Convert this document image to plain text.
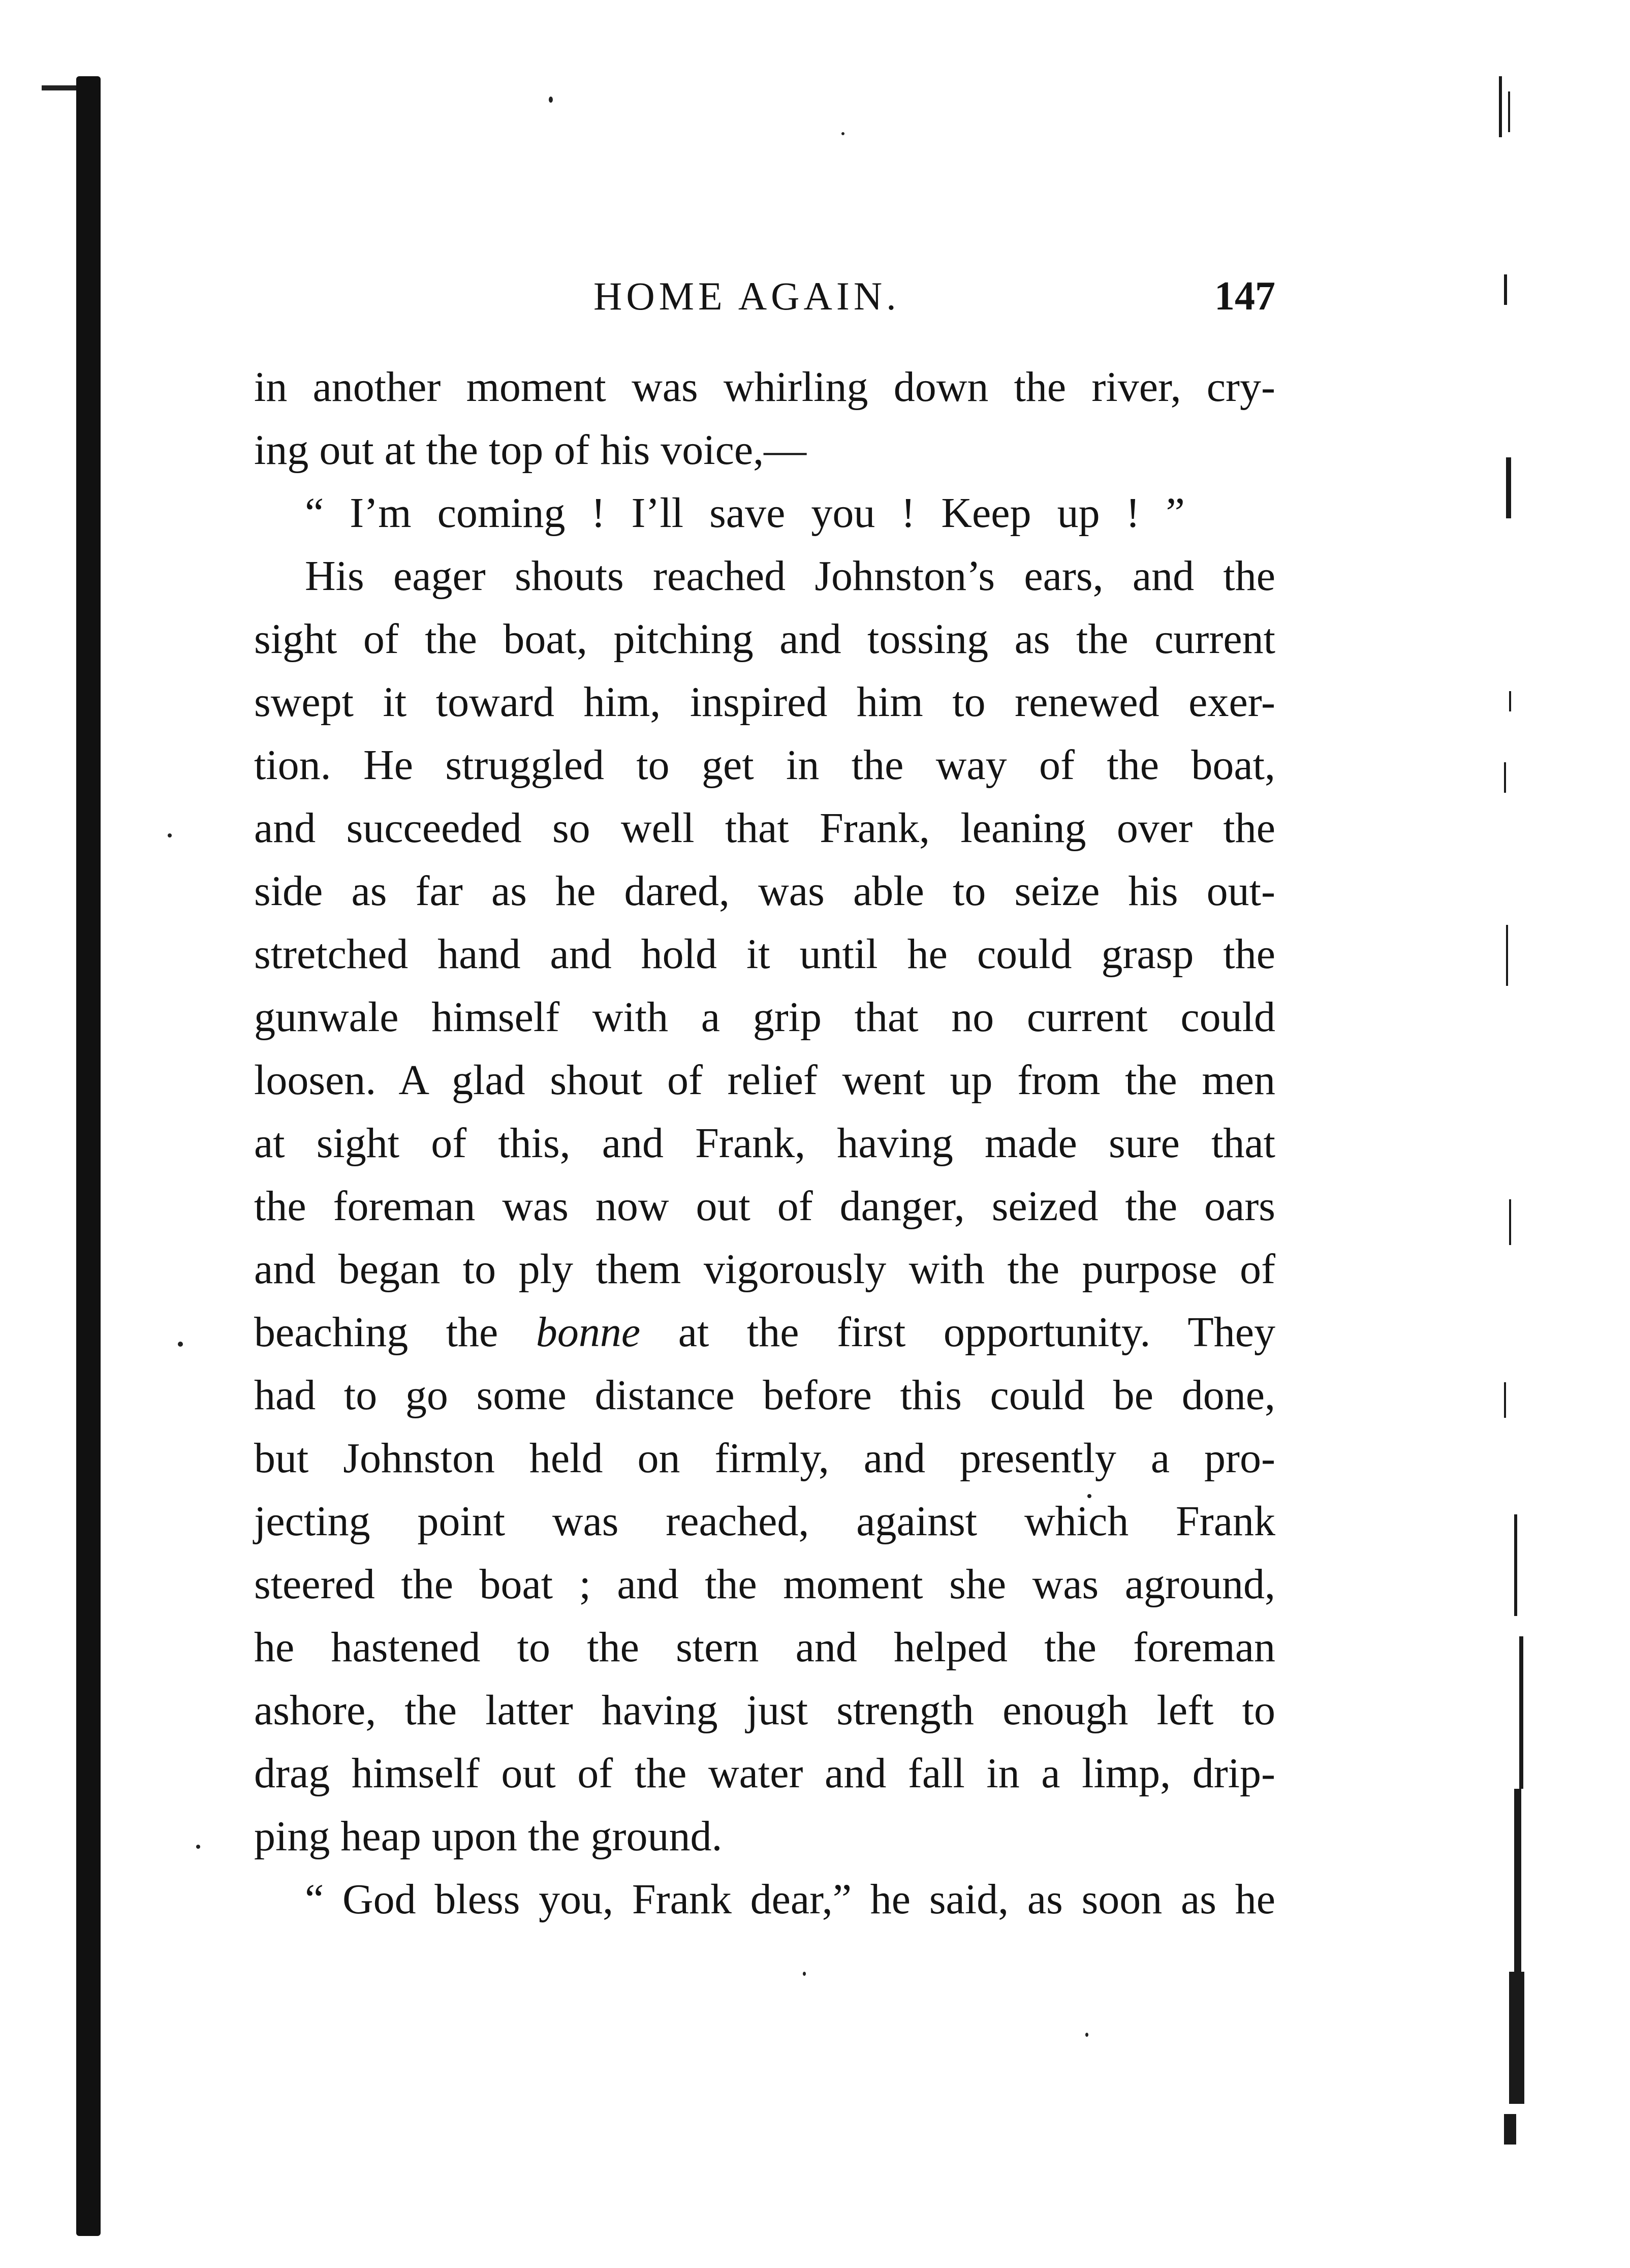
HOME AGAIN.	147
in another moment was whirling down the river, cry-
ing out at the top of his voice,—
“ I’m coming ! I’ll save you ! Keep up ! ”
His eager shouts reached Johnston’s ears, and the
sight of the boat, pitching and tossing as the current
swept it toward him, inspired him to renewed exer-
tion. He struggled to get in the way of the boat,
and succeeded so well that Frank, leaning over the
side as far as he dared, was able to seize his out-
stretched hand and hold it until he could grasp the
gunwale himself with a grip that no current could
loosen. A glad shout of relief went up from the men
at sight of this, and Frank, having made sure that
the foreman was now out of danger, seized the oars
and began to ply them vigorously with the purpose of
beaching the bonne at the first opportunity. They
had to go some distance before this could be done,
but Johnston held on firmly, and presently a pro-
jecting point was reached, against which Frank
steered the boat ; and the moment she was aground,
he hastened to the stern and helped the foreman
ashore, the latter having just strength enough left to
drag himself out of the water and fall in a limp, drip-
ping heap upon the ground.
“ God bless you, Frank dear,” he said, as soon as he
